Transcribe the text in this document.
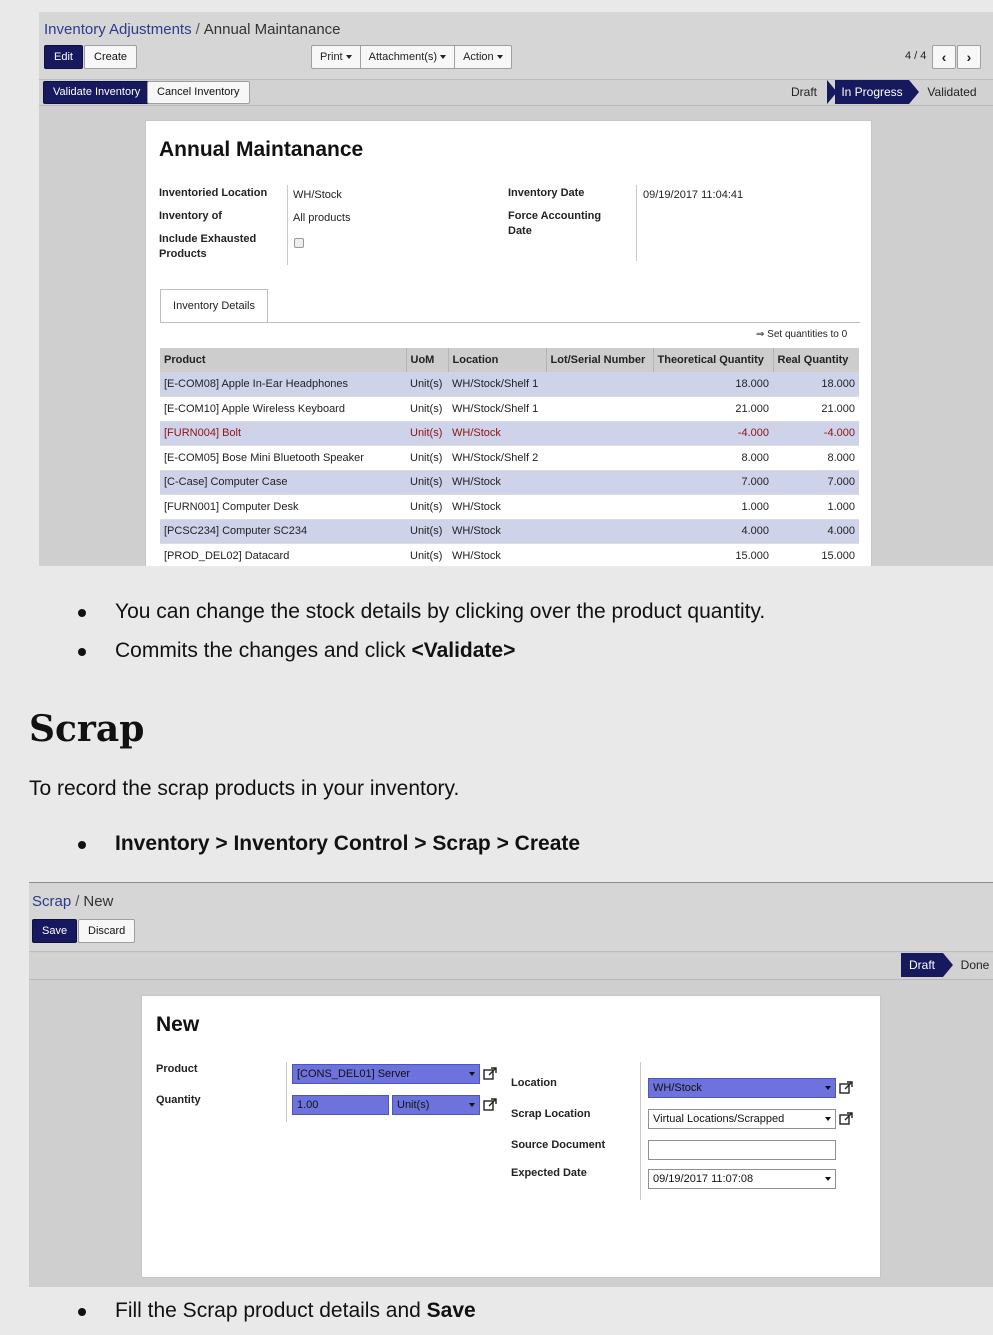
Inventory Adjustments / Annual Maintanance
Edit	Create	Print	Attachment(s)	Action	4 / 4	‹	›
Validate Inventory	Cancel Inventory	Draft	In Progress	Validated
Annual Maintanance
Inventoried Location WH/Stock
Inventory of	All products
Include Exhausted
Products
Inventory Date	09/19/2017 11:04:41
Force Accounting
Date
Inventory Details
⇒ Set quantities to 0
Product	UoM	Location	Lot/Serial Number	Theoretical Quantity	Real Quantity
[E-COM08] Apple In-Ear Headphones	Unit(s)	WH/Stock/Shelf 1		18.000	18.000
[E-COM10] Apple Wireless Keyboard	Unit(s)	WH/Stock/Shelf 1		21.000	21.000
[FURN004] Bolt	Unit(s)	WH/Stock		-4.000	-4.000
[E-COM05] Bose Mini Bluetooth Speaker	Unit(s)	WH/Stock/Shelf 2		8.000	8.000
[C-Case] Computer Case	Unit(s)	WH/Stock		7.000	7.000
[FURN001] Computer Desk	Unit(s)	WH/Stock		1.000	1.000
[PCSC234] Computer SC234	Unit(s)	WH/Stock		4.000	4.000
[PROD_DEL02] Datacard	Unit(s)	WH/Stock		15.000	15.000
You can change the stock details by clicking over the product quantity.
Commits the changes and click <Validate>
Scrap
To record the scrap products in your inventory.
Inventory > Inventory Control > Scrap > Create
Scrap / New
Save	Discard
Draft	Done
New
Product	[CONS_DEL01] Server
Quantity	1.00	Unit(s)
Location	WH/Stock
Scrap Location	Virtual Locations/Scrapped
Source Document
Expected Date	09/19/2017 11:07:08
Fill the Scrap product details and Save
